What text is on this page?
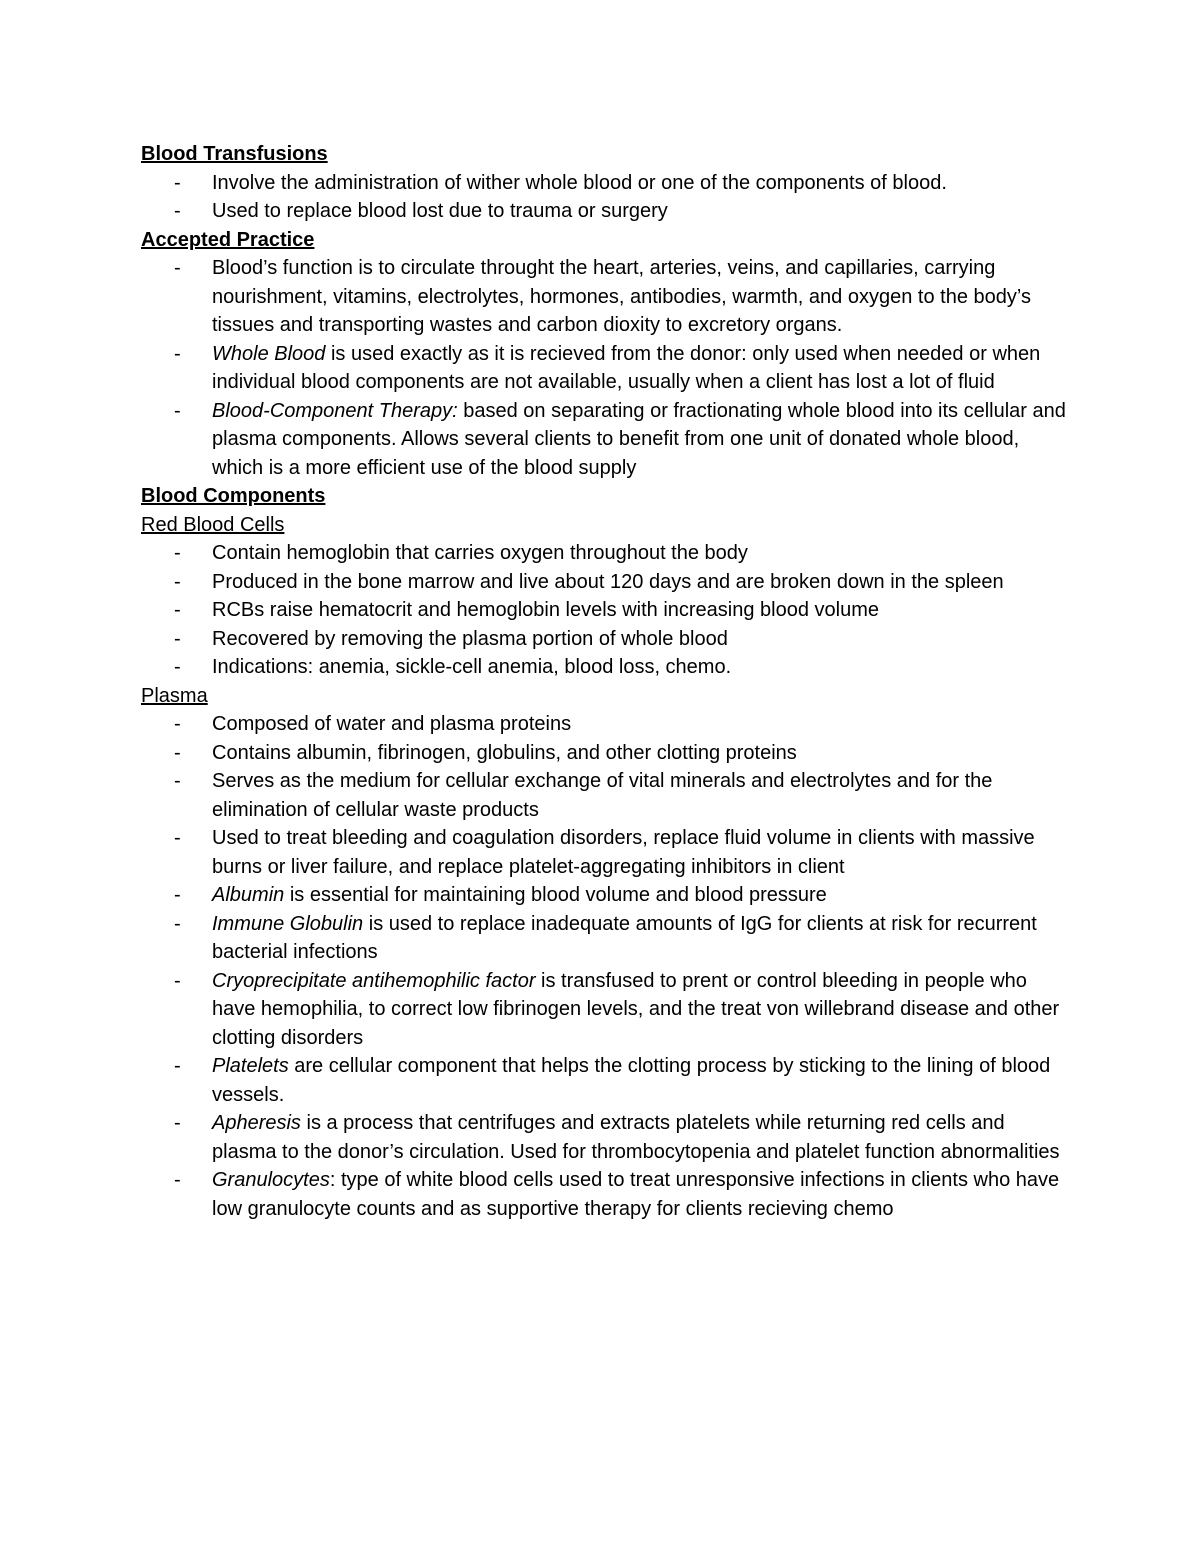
Blood Transfusions
- Involve the administration of wither whole blood or one of the components of blood.
- Used to replace blood lost due to trauma or surgery
Accepted Practice
- Blood’s function is to circulate throught the heart, arteries, veins, and capillaries, carrying nourishment, vitamins, electrolytes, hormones, antibodies, warmth, and oxygen to the body’s tissues and transporting wastes and carbon dioxity to excretory organs.
- Whole Blood is used exactly as it is recieved from the donor: only used when needed or when individual blood components are not available, usually when a client has lost a lot of fluid
- Blood-Component Therapy: based on separating or fractionating whole blood into its cellular and plasma components. Allows several clients to benefit from one unit of donated whole blood, which is a more efficient use of the blood supply
Blood Components
Red Blood Cells
- Contain hemoglobin that carries oxygen throughout the body
- Produced in the bone marrow and live about 120 days and are broken down in the spleen
- RCBs raise hematocrit and hemoglobin levels with increasing blood volume
- Recovered by removing the plasma portion of whole blood
- Indications: anemia, sickle-cell anemia, blood loss, chemo.
Plasma
- Composed of water and plasma proteins
- Contains albumin, fibrinogen, globulins, and other clotting proteins
- Serves as the medium for cellular exchange of vital minerals and electrolytes and for the elimination of cellular waste products
- Used to treat bleeding and coagulation disorders, replace fluid volume in clients with massive burns or liver failure, and replace platelet-aggregating inhibitors in client
- Albumin is essential for maintaining blood volume and blood pressure
- Immune Globulin is used to replace inadequate amounts of IgG for clients at risk for recurrent bacterial infections
- Cryoprecipitate antihemophilic factor is transfused to prent or control bleeding in people who have hemophilia, to correct low fibrinogen levels, and the treat von willebrand disease and other clotting disorders
- Platelets are cellular component that helps the clotting process by sticking to the lining of blood vessels.
- Apheresis is a process that centrifuges and extracts platelets while returning red cells and plasma to the donor’s circulation. Used for thrombocytopenia and platelet function abnormalities
- Granulocytes: type of white blood cells used to treat unresponsive infections in clients who have low granulocyte counts and as supportive therapy for clients recieving chemo
